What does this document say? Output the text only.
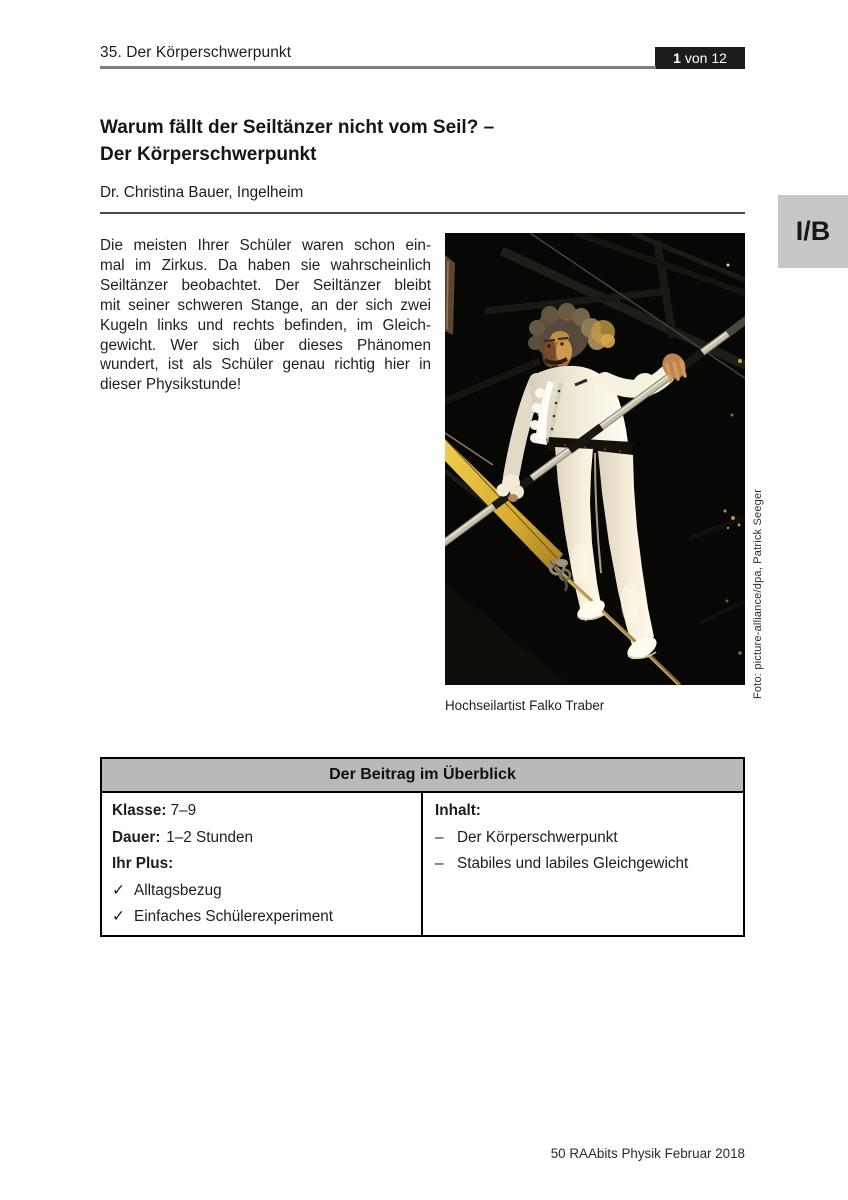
35. Der Körperschwerpunkt	1 von 12
I/B
Warum fällt der Seiltänzer nicht vom Seil? –
Der Körperschwerpunkt
Dr. Christina Bauer, Ingelheim
Die meisten Ihrer Schüler waren schon ein-
mal im Zirkus. Da haben sie wahrscheinlich
Seiltänzer beobachtet. Der Seiltänzer bleibt
mit seiner schweren Stange, an der sich zwei
Kugeln links und rechts befinden, im Gleich-
gewicht. Wer sich über dieses Phänomen
wundert, ist als Schüler genau richtig hier in
dieser Physikstunde!
Hochseilartist Falko Traber
Foto: picture-alliance/dpa, Patrick Seeger
Der Beitrag im Überblick
Klasse: 7–9
Dauer: 1–2 Stunden
Ihr Plus:
✓ Alltagsbezug
✓ Einfaches Schülerexperiment
Inhalt:
– Der Körperschwerpunkt
– Stabiles und labiles Gleichgewicht
50 RAAbits Physik Februar 2018
